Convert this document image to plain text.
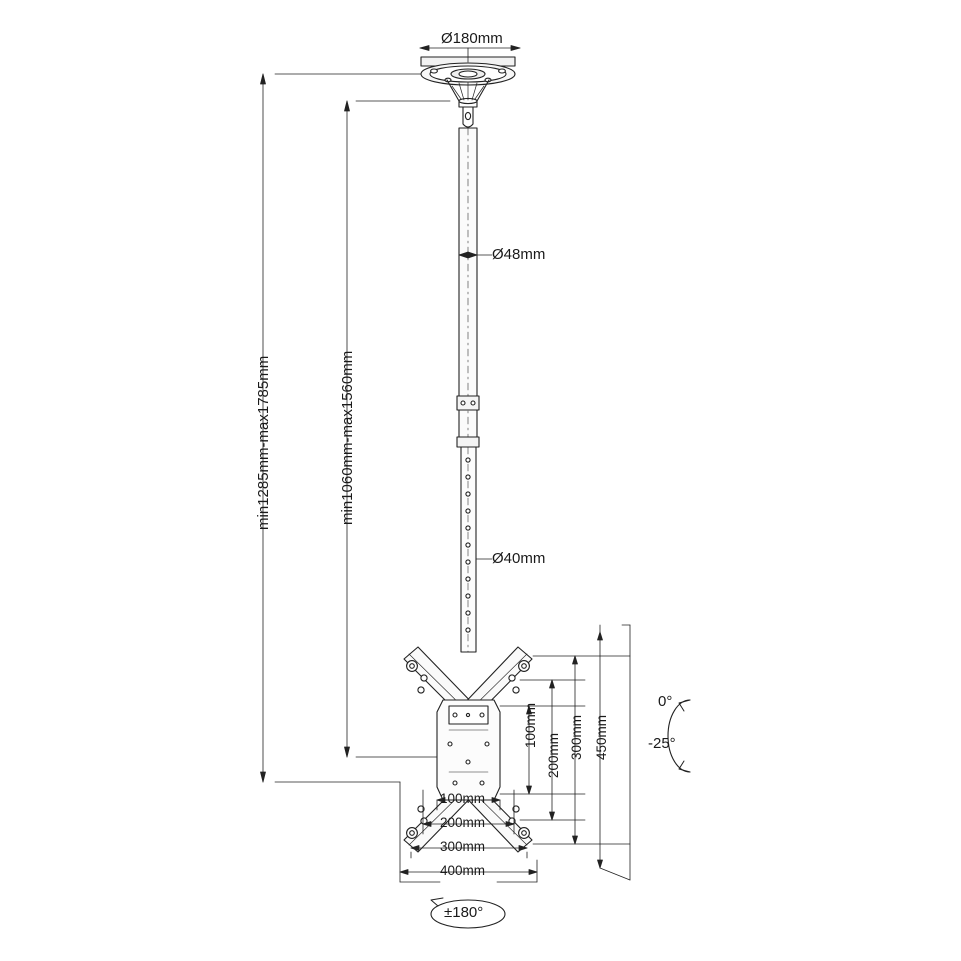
Ø180mm
Ø48mm
Ø40mm
min1285mm-max1785mm	min1060mm-max1560mm
100mm
200mm 300mm 450mm
100mm
200mm
300mm
400mm
0°
-25°
±180°
